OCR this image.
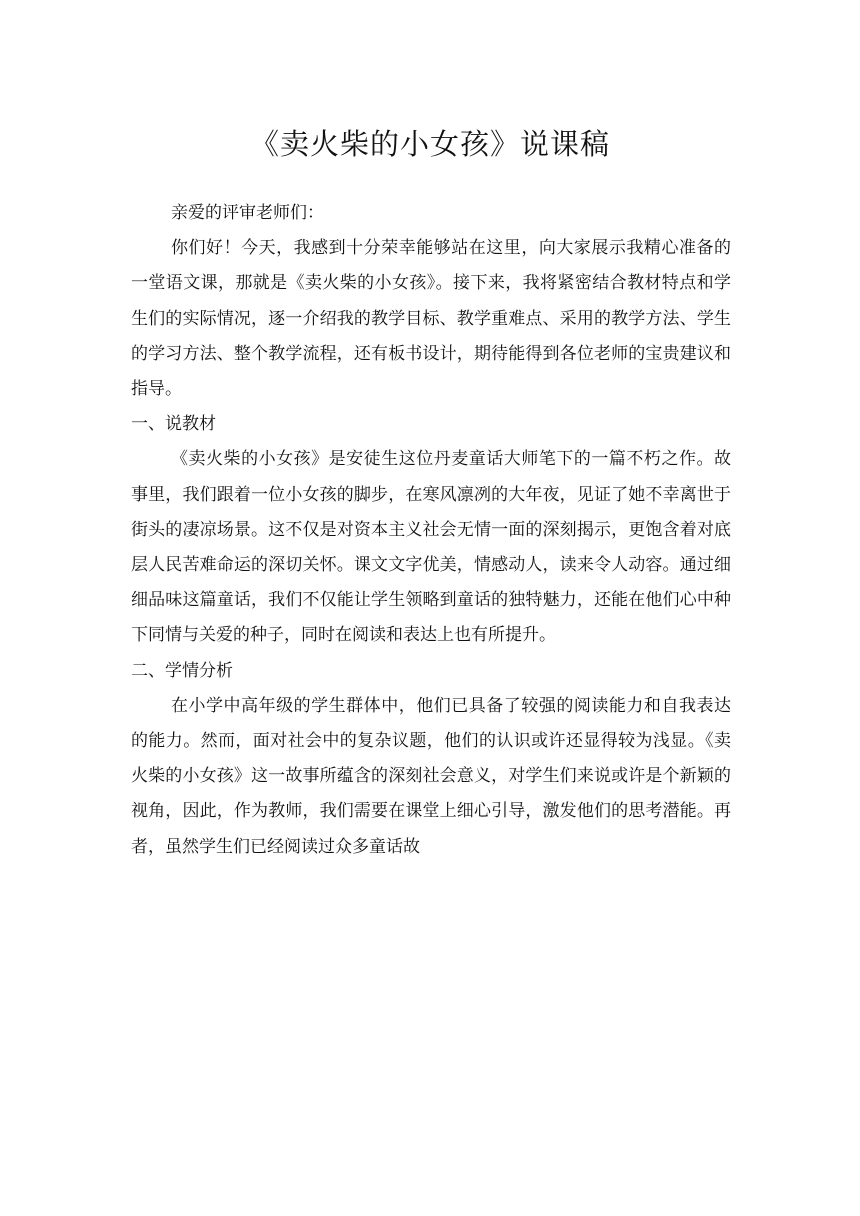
《卖火柴的小女孩》说课稿

亲爱的评审老师们：

你们好！今天，我感到十分荣幸能够站在这里，向大家展示我精心准备的一堂语文课，那就是《卖火柴的小女孩》。接下来，我将紧密结合教材特点和学生们的实际情况，逐一介绍我的教学目标、教学重难点、采用的教学方法、学生的学习方法、整个教学流程，还有板书设计，期待能得到各位老师的宝贵建议和指导。

一、说教材

《卖火柴的小女孩》是安徒生这位丹麦童话大师笔下的一篇不朽之作。故事里，我们跟着一位小女孩的脚步，在寒风凛冽的大年夜，见证了她不幸离世于街头的凄凉场景。这不仅是对资本主义社会无情一面的深刻揭示，更饱含着对底层人民苦难命运的深切关怀。课文文字优美，情感动人，读来令人动容。通过细细品味这篇童话，我们不仅能让学生领略到童话的独特魅力，还能在他们心中种下同情与关爱的种子，同时在阅读和表达上也有所提升。

二、学情分析

在小学中高年级的学生群体中，他们已具备了较强的阅读能力和自我表达的能力。然而，面对社会中的复杂议题，他们的认识或许还显得较为浅显。《卖火柴的小女孩》这一故事所蕴含的深刻社会意义，对学生们来说或许是个新颖的视角，因此，作为教师，我们需要在课堂上细心引导，激发他们的思考潜能。再者，虽然学生们已经阅读过众多童话故
